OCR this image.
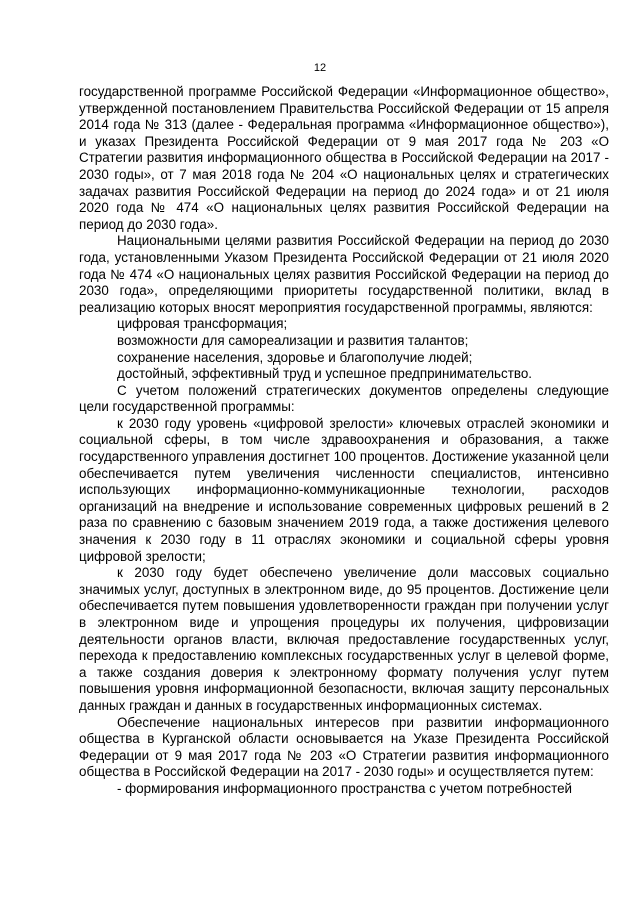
12

государственной программе Российской Федерации «Информационное общество», утвержденной постановлением Правительства Российской Федерации от 15 апреля 2014 года № 313 (далее - Федеральная программа «Информационное общество»), и указах Президента Российской Федерации от 9 мая 2017 года № 203 «О Стратегии развития информационного общества в Российской Федерации на 2017 - 2030 годы», от 7 мая 2018 года № 204 «О национальных целях и стратегических задачах развития Российской Федерации на период до 2024 года» и от 21 июля 2020 года № 474 «О национальных целях развития Российской Федерации на период до 2030 года».

Национальными целями развития Российской Федерации на период до 2030 года, установленными Указом Президента Российской Федерации от 21 июля 2020 года № 474 «О национальных целях развития Российской Федерации на период до 2030 года», определяющими приоритеты государственной политики, вклад в реализацию которых вносят мероприятия государственной программы, являются:

цифровая трансформация;

возможности для самореализации и развития талантов;

сохранение населения, здоровье и благополучие людей;

достойный, эффективный труд и успешное предпринимательство.

С учетом положений стратегических документов определены следующие цели государственной программы:

к 2030 году уровень «цифровой зрелости» ключевых отраслей экономики и социальной сферы, в том числе здравоохранения и образования, а также государственного управления достигнет 100 процентов. Достижение указанной цели обеспечивается путем увеличения численности специалистов, интенсивно использующих информационно-коммуникационные технологии, расходов организаций на внедрение и использование современных цифровых решений в 2 раза по сравнению с базовым значением 2019 года, а также достижения целевого значения к 2030 году в 11 отраслях экономики и социальной сферы уровня цифровой зрелости;

к 2030 году будет обеспечено увеличение доли массовых социально значимых услуг, доступных в электронном виде, до 95 процентов. Достижение цели обеспечивается путем повышения удовлетворенности граждан при получении услуг в электронном виде и упрощения процедуры их получения, цифровизации деятельности органов власти, включая предоставление государственных услуг, перехода к предоставлению комплексных государственных услуг в целевой форме, а также создания доверия к электронному формату получения услуг путем повышения уровня информационной безопасности, включая защиту персональных данных граждан и данных в государственных информационных системах.

Обеспечение национальных интересов при развитии информационного общества в Курганской области основывается на Указе Президента Российской Федерации от 9 мая 2017 года № 203 «О Стратегии развития информационного общества в Российской Федерации на 2017 - 2030 годы» и осуществляется путем:

- формирования информационного пространства с учетом потребностей
